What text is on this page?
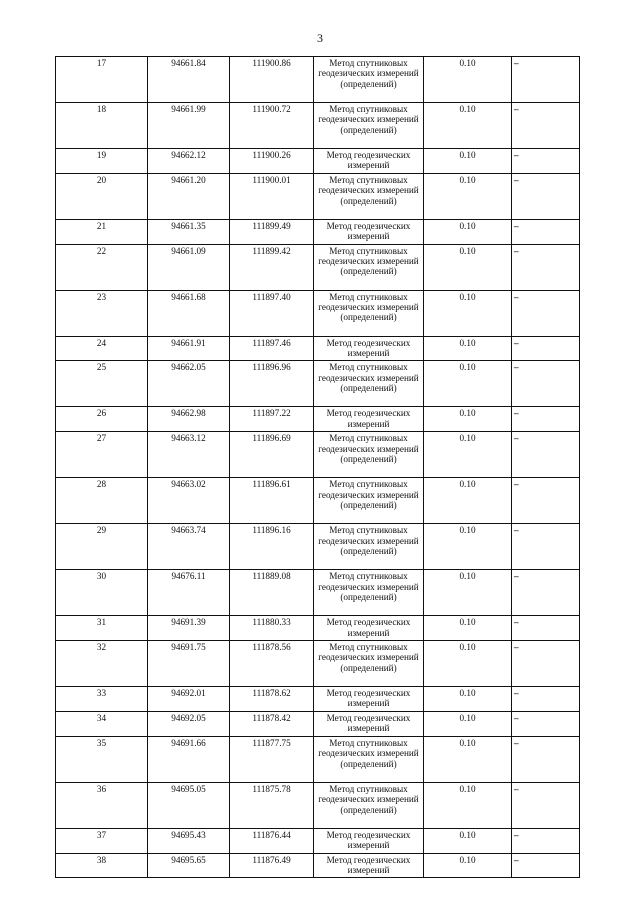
3
17	94661.84	111900.86	Метод спутниковых геодезических измерений (определений)	0.10	–
18	94661.99	111900.72	Метод спутниковых геодезических измерений (определений)	0.10	–
19	94662.12	111900.26	Метод геодезических измерений	0.10	–
20	94661.20	111900.01	Метод спутниковых геодезических измерений (определений)	0.10	–
21	94661.35	111899.49	Метод геодезических измерений	0.10	–
22	94661.09	111899.42	Метод спутниковых геодезических измерений (определений)	0.10	–
23	94661.68	111897.40	Метод спутниковых геодезических измерений (определений)	0.10	–
24	94661.91	111897.46	Метод геодезических измерений	0.10	–
25	94662.05	111896.96	Метод спутниковых геодезических измерений (определений)	0.10	–
26	94662.98	111897.22	Метод геодезических измерений	0.10	–
27	94663.12	111896.69	Метод спутниковых геодезических измерений (определений)	0.10	–
28	94663.02	111896.61	Метод спутниковых геодезических измерений (определений)	0.10	–
29	94663.74	111896.16	Метод спутниковых геодезических измерений (определений)	0.10	–
30	94676.11	111889.08	Метод спутниковых геодезических измерений (определений)	0.10	–
31	94691.39	111880.33	Метод геодезических измерений	0.10	–
32	94691.75	111878.56	Метод спутниковых геодезических измерений (определений)	0.10	–
33	94692.01	111878.62	Метод геодезических измерений	0.10	–
34	94692.05	111878.42	Метод геодезических измерений	0.10	–
35	94691.66	111877.75	Метод спутниковых геодезических измерений (определений)	0.10	–
36	94695.05	111875.78	Метод спутниковых геодезических измерений (определений)	0.10	–
37	94695.43	111876.44	Метод геодезических измерений	0.10	–
38	94695.65	111876.49	Метод геодезических измерений	0.10	–
